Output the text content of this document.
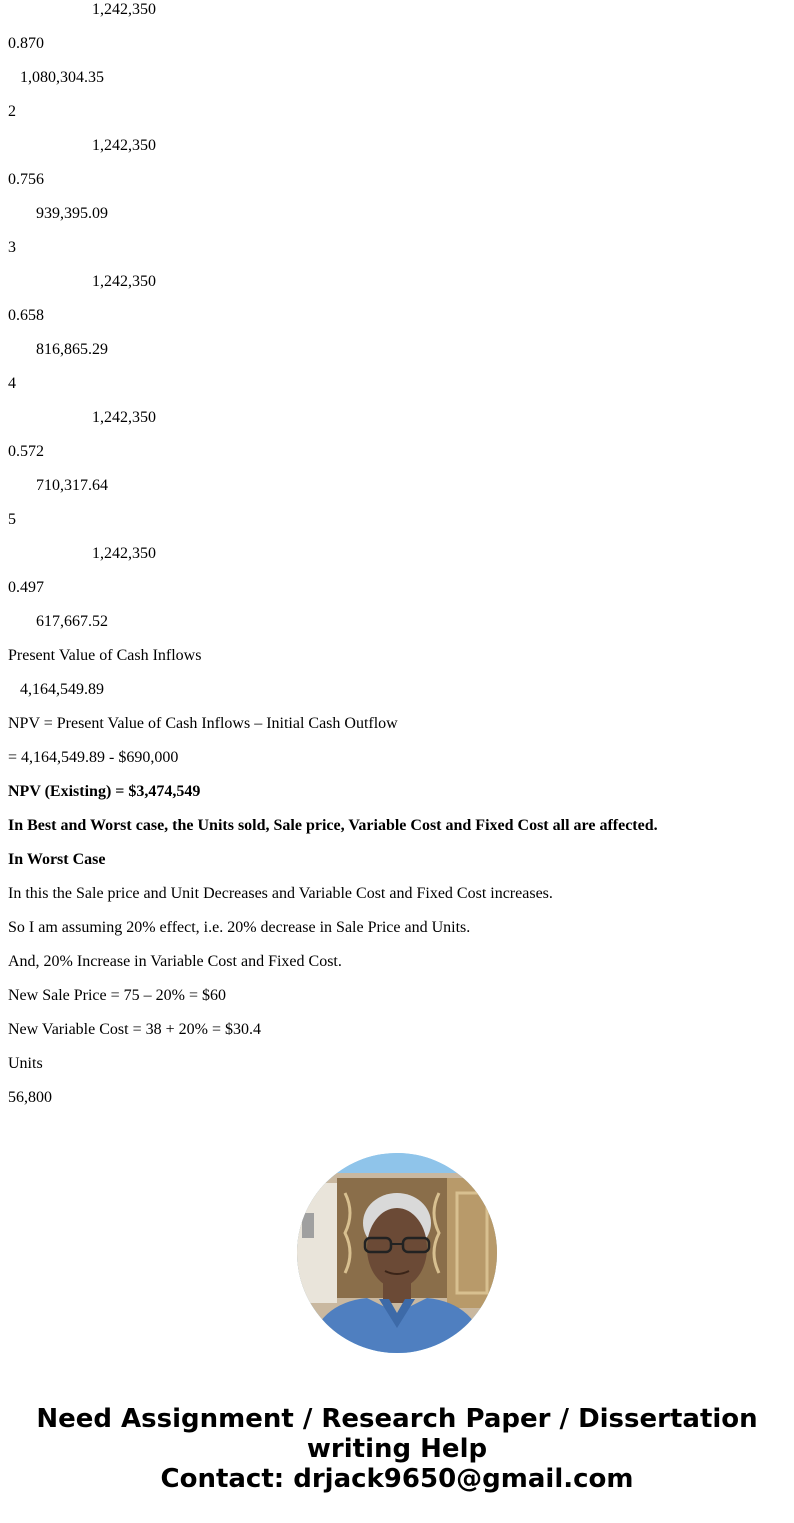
1,242,350
0.870
1,080,304.35
2
1,242,350
0.756
939,395.09
3
1,242,350
0.658
816,865.29
4
1,242,350
0.572
710,317.64
5
1,242,350
0.497
617,667.52
Present Value of Cash Inflows
4,164,549.89
NPV = Present Value of Cash Inflows – Initial Cash Outflow
= 4,164,549.89 - $690,000
NPV (Existing) = $3,474,549
In Best and Worst case, the Units sold, Sale price, Variable Cost and Fixed Cost all are affected.
In Worst Case
In this the Sale price and Unit Decreases and Variable Cost and Fixed Cost increases.
So I am assuming 20% effect, i.e. 20% decrease in Sale Price and Units.
And, 20% Increase in Variable Cost and Fixed Cost.
New Sale Price = 75 – 20% = $60
New Variable Cost = 38 + 20% = $30.4
Units
56,800
Need Assignment / Research Paper / Dissertation
writing Help
Contact: drjack9650@gmail.com
